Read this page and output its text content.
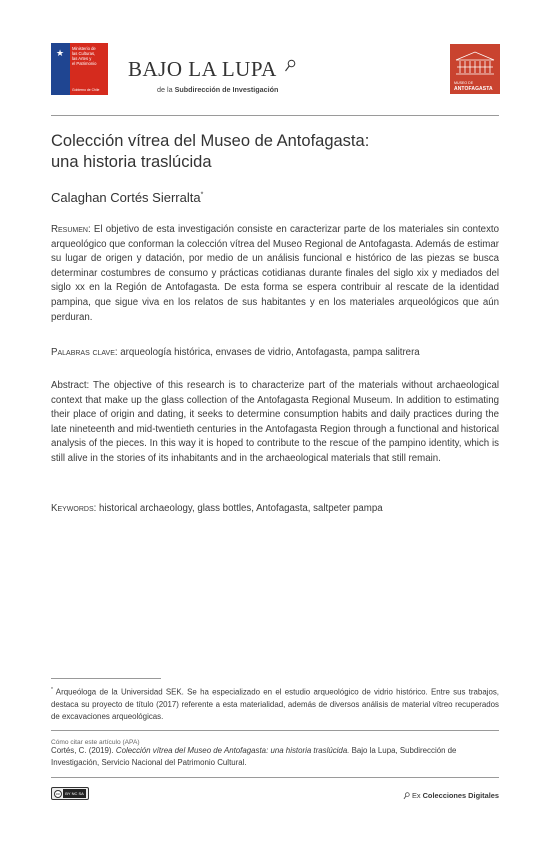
★ Ministerio de
las Culturas,
las Artes y
el Patrimonio
Gobierno de Chile
BAJO LA LUPA
de la Subdirección de Investigación
MUSEO DE
ANTOFAGASTA
Colección vítrea del Museo de Antofagasta:
una historia traslúcida
Calaghan Cortés Sierralta*
Resumen: El objetivo de esta investigación consiste en caracterizar parte de los materiales sin contexto arqueológico que conforman la colección vítrea del Museo Regional de Antofagasta. Además de estimar su lugar de origen y datación, por medio de un análisis funcional e histórico de las piezas se busca determinar costumbres de consumo y prácticas cotidianas durante finales del siglo xix y mediados del siglo xx en la Región de Antofagasta. De esta forma se espera contribuir al rescate de la identidad pampina, que sigue viva en los relatos de sus habitantes y en los materiales arqueológicos que aún perduran.
Palabras clave: arqueología histórica, envases de vidrio, Antofagasta, pampa salitrera
Abstract: The objective of this research is to characterize part of the materials without archaeological context that make up the glass collection of the Antofagasta Regional Museum. In addition to estimating their place of origin and dating, it seeks to determine consumption habits and daily practices during the late nineteenth and mid-twentieth centuries in the Antofagasta Region through a functional and historical analysis of the pieces. In this way it is hoped to contribute to the rescue of the pampino identity, which is still alive in the stories of its inhabitants and in the archaeological materials that still remain.
Keywords: historical archaeology, glass bottles, Antofagasta, saltpeter pampa
* Arqueóloga de la Universidad SEK. Se ha especializado en el estudio arqueológico de vidrio histórico. Entre sus trabajos, destaca su proyecto de título (2017) referente a esta materialidad, además de diversos análisis de material vítreo recuperados de excavaciones arqueológicas.
Cómo citar este artículo (APA)
Cortés, C. (2019). Colección vítrea del Museo de Antofagasta: una historia traslúcida. Bajo la Lupa, Subdirección de Investigación, Servicio Nacional del Patrimonio Cultural.
cc	BY NC SA	Ex Colecciones Digitales
